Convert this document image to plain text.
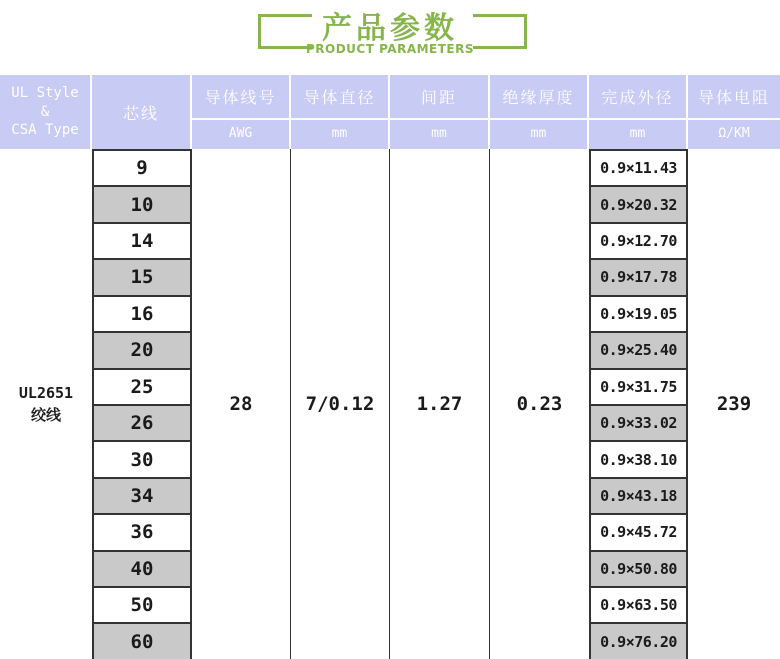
产品参数
PRODUCT PARAMETERS
UL Style
&
CSA Type
芯线
导体线号
AWG
导体直径
mm
间距
mm
绝缘厚度
mm
完成外径
mm
导体电阻
Ω/KM
UL2651
绞线
9
10
14
15
16
20
25
26
30
34
36
40
50
60
28	7/0.12 1.27	0.23
0.9×11.43
0.9×20.32
0.9×12.70
0.9×17.78
0.9×19.05
0.9×25.40
0.9×31.75
0.9×33.02
0.9×38.10
0.9×43.18
0.9×45.72
0.9×50.80
0.9×63.50
0.9×76.20
239
